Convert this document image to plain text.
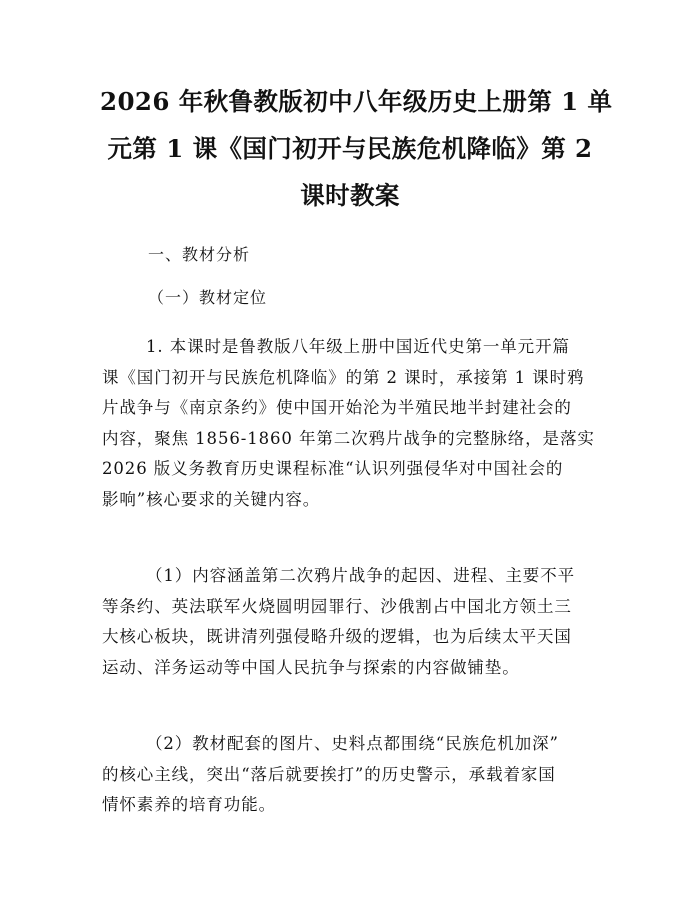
2026 年秋鲁教版初中八年级历史上册第 1 单
元第 1 课《国门初开与民族危机降临》第 2
课时教案

一、教材分析

（一）教材定位

1. 本课时是鲁教版八年级上册中国近代史第一单元开篇
课《国门初开与民族危机降临》的第 2 课时，承接第 1 课时鸦
片战争与《南京条约》使中国开始沦为半殖民地半封建社会的
内容，聚焦 1856-1860 年第二次鸦片战争的完整脉络，是落实
2026 版义务教育历史课程标准“认识列强侵华对中国社会的
影响”核心要求的关键内容。

（1）内容涵盖第二次鸦片战争的起因、进程、主要不平
等条约、英法联军火烧圆明园罪行、沙俄割占中国北方领土三
大核心板块，既讲清列强侵略升级的逻辑，也为后续太平天国
运动、洋务运动等中国人民抗争与探索的内容做铺垫。

（2）教材配套的图片、史料点都围绕“民族危机加深”
的核心主线，突出“落后就要挨打”的历史警示，承载着家国
情怀素养的培育功能。
